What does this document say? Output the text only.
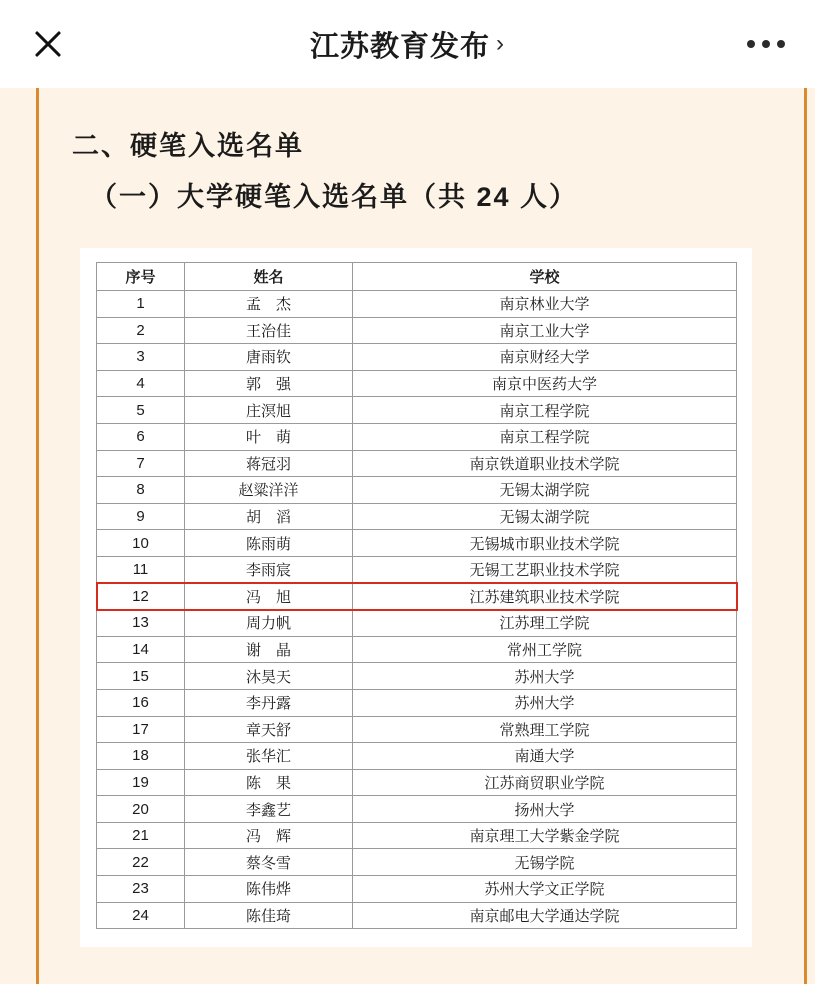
江苏教育发布 ›
二、硬笔入选名单
（一）大学硬笔入选名单（共 24 人）
序号	姓名	学校
1	孟　杰	南京林业大学
2	王治佳	南京工业大学
3	唐雨钦	南京财经大学
4	郭　强	南京中医药大学
5	庄溟旭	南京工程学院
6	叶　萌	南京工程学院
7	蒋冠羽	南京铁道职业技术学院
8	赵粱洋洋	无锡太湖学院
9	胡　滔	无锡太湖学院
10	陈雨萌	无锡城市职业技术学院
11	李雨宸	无锡工艺职业技术学院
12	冯　旭	江苏建筑职业技术学院
13	周力帆	江苏理工学院
14	谢　晶	常州工学院
15	沐昊天	苏州大学
16	李丹露	苏州大学
17	章天舒	常熟理工学院
18	张华汇	南通大学
19	陈　果	江苏商贸职业学院
20	李鑫艺	扬州大学
21	冯　辉	南京理工大学紫金学院
22	蔡冬雪	无锡学院
23	陈伟烨	苏州大学文正学院
24	陈佳琦	南京邮电大学通达学院
